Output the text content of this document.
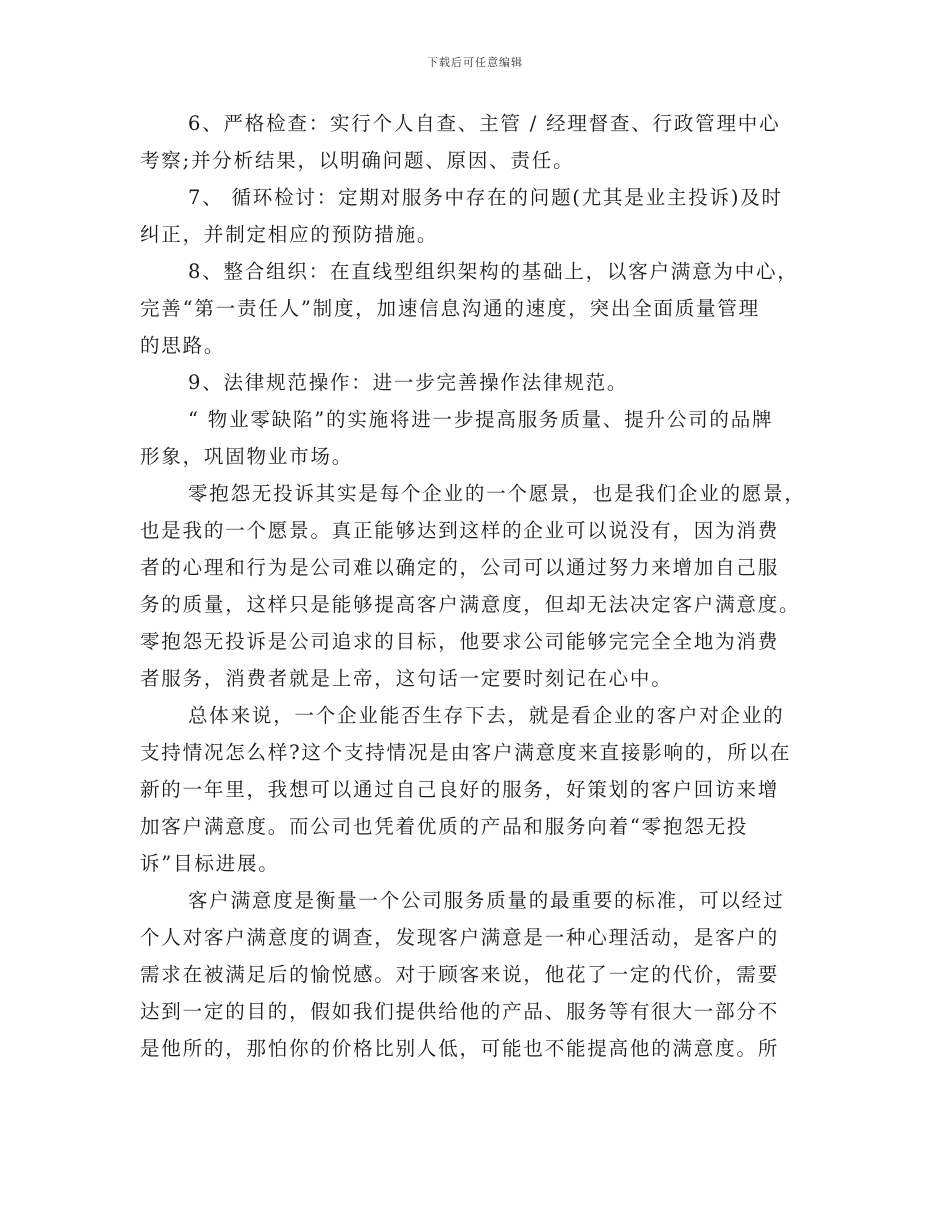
下载后可任意编辑
6、严格检查：实行个人自查、主管 / 经理督查、行政管理中心
考察;并分析结果，以明确问题、原因、责任。
7、 循环检讨：定期对服务中存在的问题(尤其是业主投诉)及时
纠正，并制定相应的预防措施。
8、整合组织：在直线型组织架构的基础上，以客户满意为中心，
完善“第一责任人”制度，加速信息沟通的速度，突出全面质量管理
的思路。
9、法律规范操作：进一步完善操作法律规范。
“ 物业零缺陷”的实施将进一步提高服务质量、提升公司的品牌
形象，巩固物业市场。
零抱怨无投诉其实是每个企业的一个愿景，也是我们企业的愿景，
也是我的一个愿景。真正能够达到这样的企业可以说没有，因为消费
者的心理和行为是公司难以确定的，公司可以通过努力来增加自己服
务的质量，这样只是能够提高客户满意度，但却无法决定客户满意度。
零抱怨无投诉是公司追求的目标，他要求公司能够完完全全地为消费
者服务，消费者就是上帝，这句话一定要时刻记在心中。
总体来说，一个企业能否生存下去，就是看企业的客户对企业的
支持情况怎么样?这个支持情况是由客户满意度来直接影响的，所以在
新的一年里，我想可以通过自己良好的服务，好策划的客户回访来增
加客户满意度。而公司也凭着优质的产品和服务向着“零抱怨无投
诉”目标进展。
客户满意度是衡量一个公司服务质量的最重要的标准，可以经过
个人对客户满意度的调查，发现客户满意是一种心理活动，是客户的
需求在被满足后的愉悦感。对于顾客来说，他花了一定的代价，需要
达到一定的目的，假如我们提供给他的产品、服务等有很大一部分不
是他所的，那怕你的价格比别人低，可能也不能提高他的满意度。所
